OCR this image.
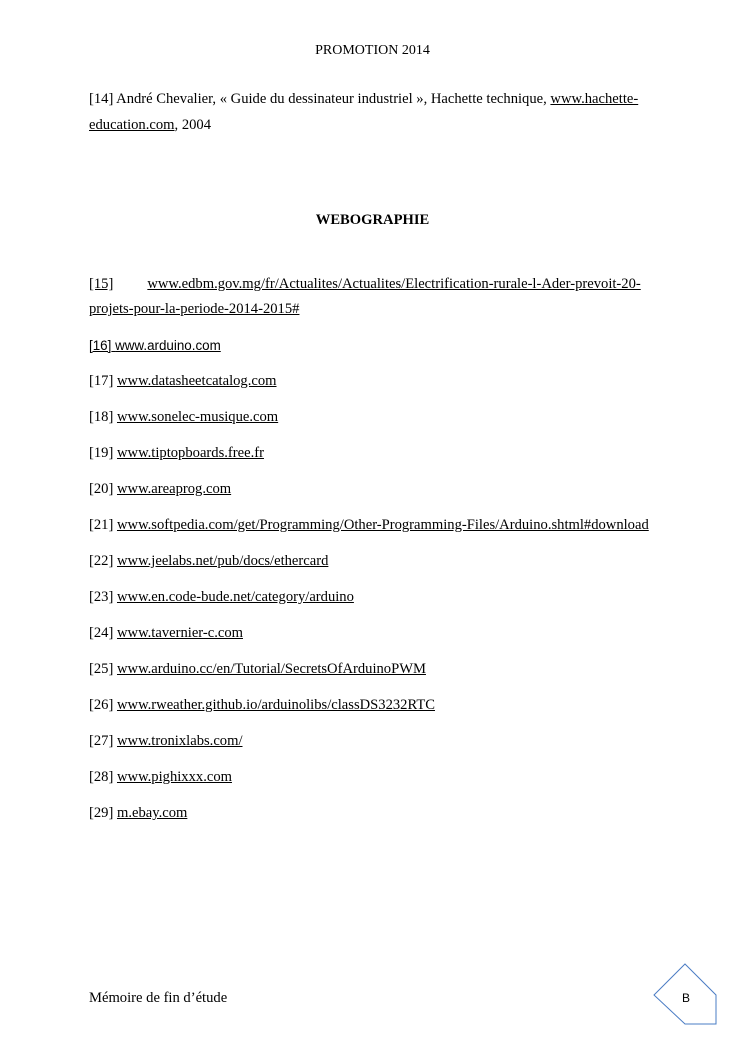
PROMOTION 2014
[14] André Chevalier, « Guide du dessinateur industriel », Hachette technique, www.hachette-education.com, 2004
WEBOGRAPHIE
[15] www.edbm.gov.mg/fr/Actualites/Actualites/Electrification-rurale-l-Ader-prevoit-20-projets-pour-la-periode-2014-2015#
[16] www.arduino.com
[17] www.datasheetcatalog.com
[18] www.sonelec-musique.com
[19] www.tiptopboards.free.fr
[20] www.areaprog.com
[21] www.softpedia.com/get/Programming/Other-Programming-Files/Arduino.shtml#download
[22] www.jeelabs.net/pub/docs/ethercard
[23] www.en.code-bude.net/category/arduino
[24] www.tavernier-c.com
[25] www.arduino.cc/en/Tutorial/SecretsOfArduinoPWM
[26] www.rweather.github.io/arduinolibs/classDS3232RTC
[27] www.tronixlabs.com/
[28] www.pighixxx.com
[29] m.ebay.com
Mémoire de fin d’étude	B
